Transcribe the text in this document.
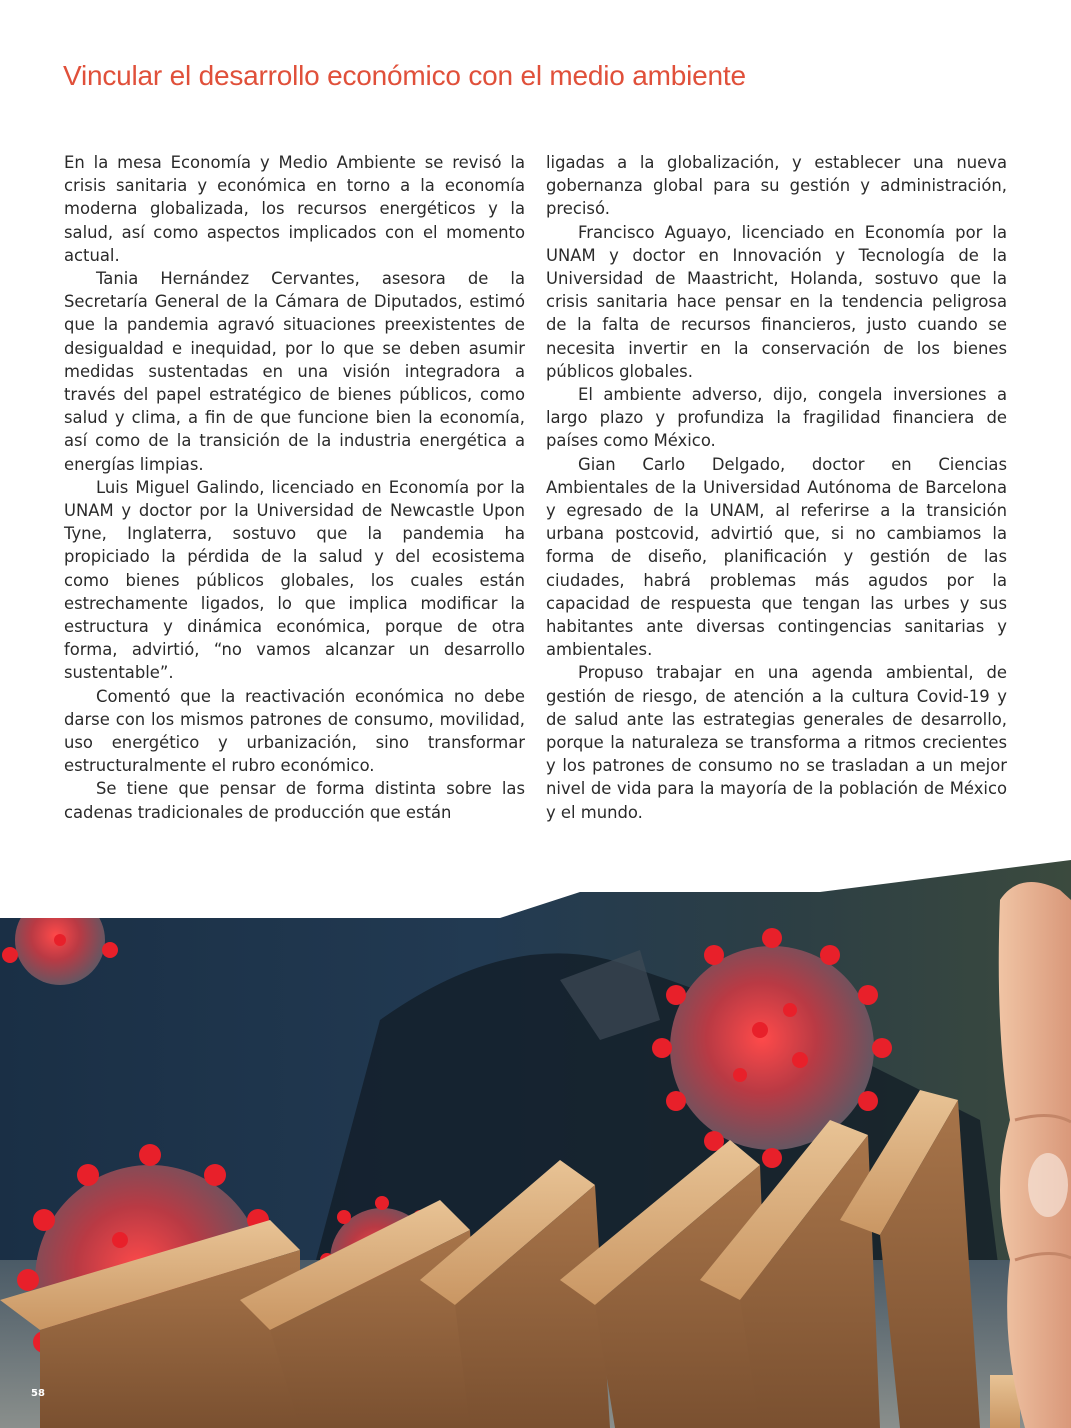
Vincular el desarrollo económico con el medio ambiente

En la mesa Economía y Medio Ambiente se revisó la crisis sanitaria y económica en torno a la economía moderna globalizada, los recursos energéticos y la salud, así como aspectos implicados con el momento actual.

Tania Hernández Cervantes, asesora de la Secretaría General de la Cámara de Diputados, estimó que la pandemia agravó situaciones preexistentes de desigualdad e inequidad, por lo que se deben asumir medidas sustentadas en una visión integradora a través del papel estratégico de bienes públicos, como salud y clima, a fin de que funcione bien la economía, así como de la transición de la industria energética a energías limpias.

Luis Miguel Galindo, licenciado en Economía por la UNAM y doctor por la Universidad de Newcastle Upon Tyne, Inglaterra, sostuvo que la pandemia ha propiciado la pérdida de la salud y del ecosistema como bienes públicos globales, los cuales están estrechamente ligados, lo que implica modificar la estructura y dinámica económica, porque de otra forma, advirtió, “no vamos alcanzar un desarrollo sustentable”.

Comentó que la reactivación económica no debe darse con los mismos patrones de consumo, movilidad, uso energético y urbanización, sino transformar estructuralmente el rubro económico.

Se tiene que pensar de forma distinta sobre las cadenas tradicionales de producción que están

ligadas a la globalización, y establecer una nueva gobernanza global para su gestión y administración, precisó.

Francisco Aguayo, licenciado en Economía por la UNAM y doctor en Innovación y Tecnología de la Universidad de Maastricht, Holanda, sostuvo que la crisis sanitaria hace pensar en la tendencia peligrosa de la falta de recursos financieros, justo cuando se necesita invertir en la conservación de los bienes públicos globales.

El ambiente adverso, dijo, congela inversiones a largo plazo y profundiza la fragilidad financiera de países como México.

Gian Carlo Delgado, doctor en Ciencias Ambientales de la Universidad Autónoma de Barcelona y egresado de la UNAM, al referirse a la transición urbana postcovid, advirtió que, si no cambiamos la forma de diseño, planificación y gestión de las ciudades, habrá problemas más agudos por la capacidad de respuesta que tengan las urbes y sus habitantes ante diversas contingencias sanitarias y ambientales.

Propuso trabajar en una agenda ambiental, de gestión de riesgo, de atención a la cultura Covid-19 y de salud ante las estrategias generales de desarrollo, porque la naturaleza se transforma a ritmos crecientes y los patrones de consumo no se trasladan a un mejor nivel de vida para la mayoría de la población de México y el mundo.

58
